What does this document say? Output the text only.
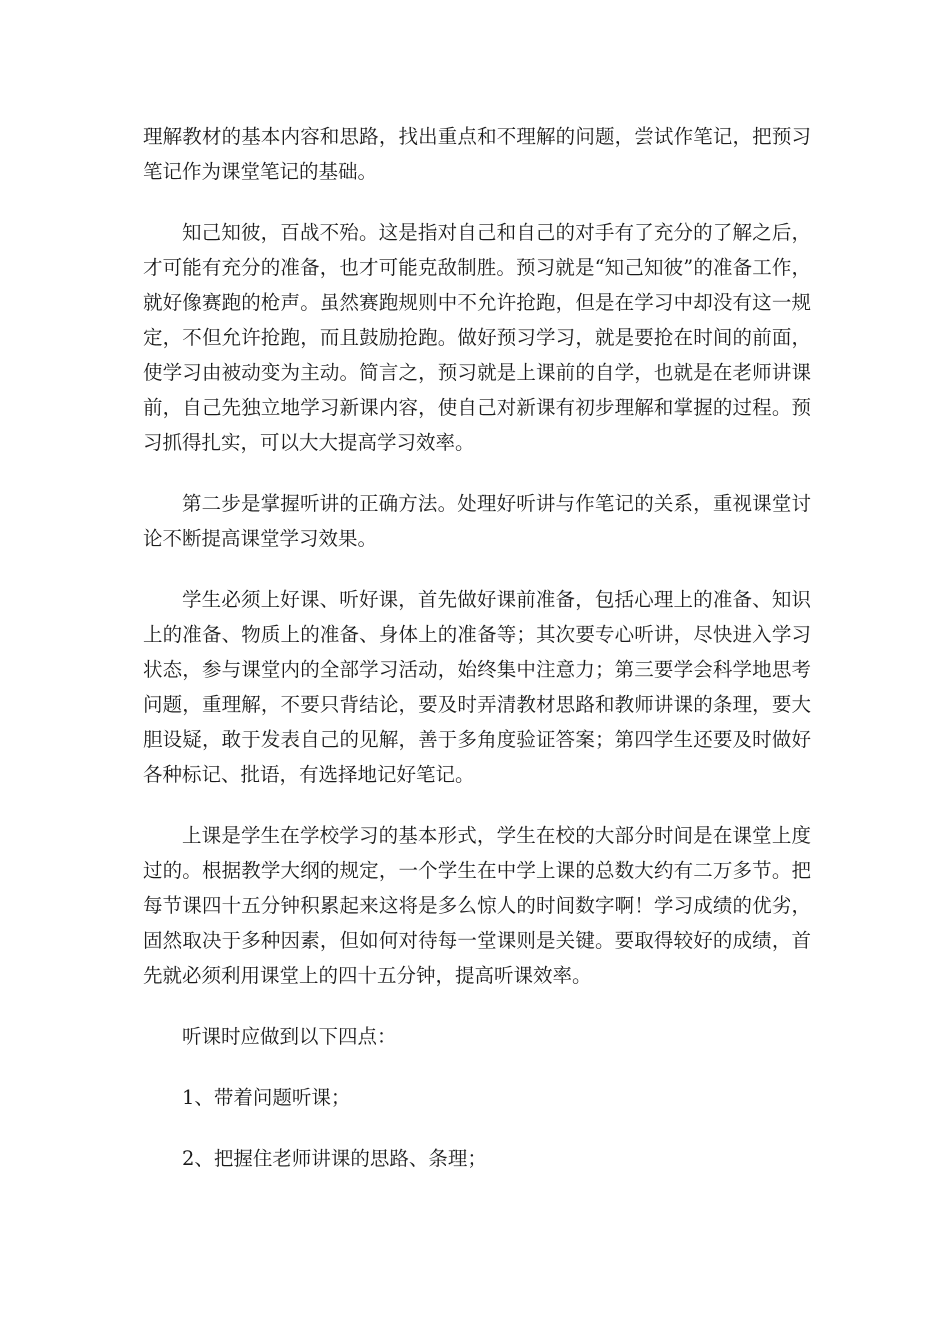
理解教材的基本内容和思路，找出重点和不理解的问题，尝试作笔记，把预习笔记作为课堂笔记的基础。

知己知彼，百战不殆。这是指对自己和自己的对手有了充分的了解之后，才可能有充分的准备，也才可能克敌制胜。预习就是“知己知彼”的准备工作，就好像赛跑的枪声。虽然赛跑规则中不允许抢跑，但是在学习中却没有这一规定，不但允许抢跑，而且鼓励抢跑。做好预习学习，就是要抢在时间的前面，使学习由被动变为主动。简言之，预习就是上课前的自学，也就是在老师讲课前，自己先独立地学习新课内容，使自己对新课有初步理解和掌握的过程。预习抓得扎实，可以大大提高学习效率。

第二步是掌握听讲的正确方法。处理好听讲与作笔记的关系，重视课堂讨论不断提高课堂学习效果。

学生必须上好课、听好课，首先做好课前准备，包括心理上的准备、知识上的准备、物质上的准备、身体上的准备等；其次要专心听讲，尽快进入学习状态，参与课堂内的全部学习活动，始终集中注意力；第三要学会科学地思考问题，重理解，不要只背结论，要及时弄清教材思路和教师讲课的条理，要大胆设疑，敢于发表自己的见解，善于多角度验证答案；第四学生还要及时做好各种标记、批语，有选择地记好笔记。

上课是学生在学校学习的基本形式，学生在校的大部分时间是在课堂上度过的。根据教学大纲的规定，一个学生在中学上课的总数大约有二万多节。把每节课四十五分钟积累起来这将是多么惊人的时间数字啊！学习成绩的优劣，固然取决于多种因素，但如何对待每一堂课则是关键。要取得较好的成绩，首先就必须利用课堂上的四十五分钟，提高听课效率。

听课时应做到以下四点：

1、带着问题听课；

2、把握住老师讲课的思路、条理；
